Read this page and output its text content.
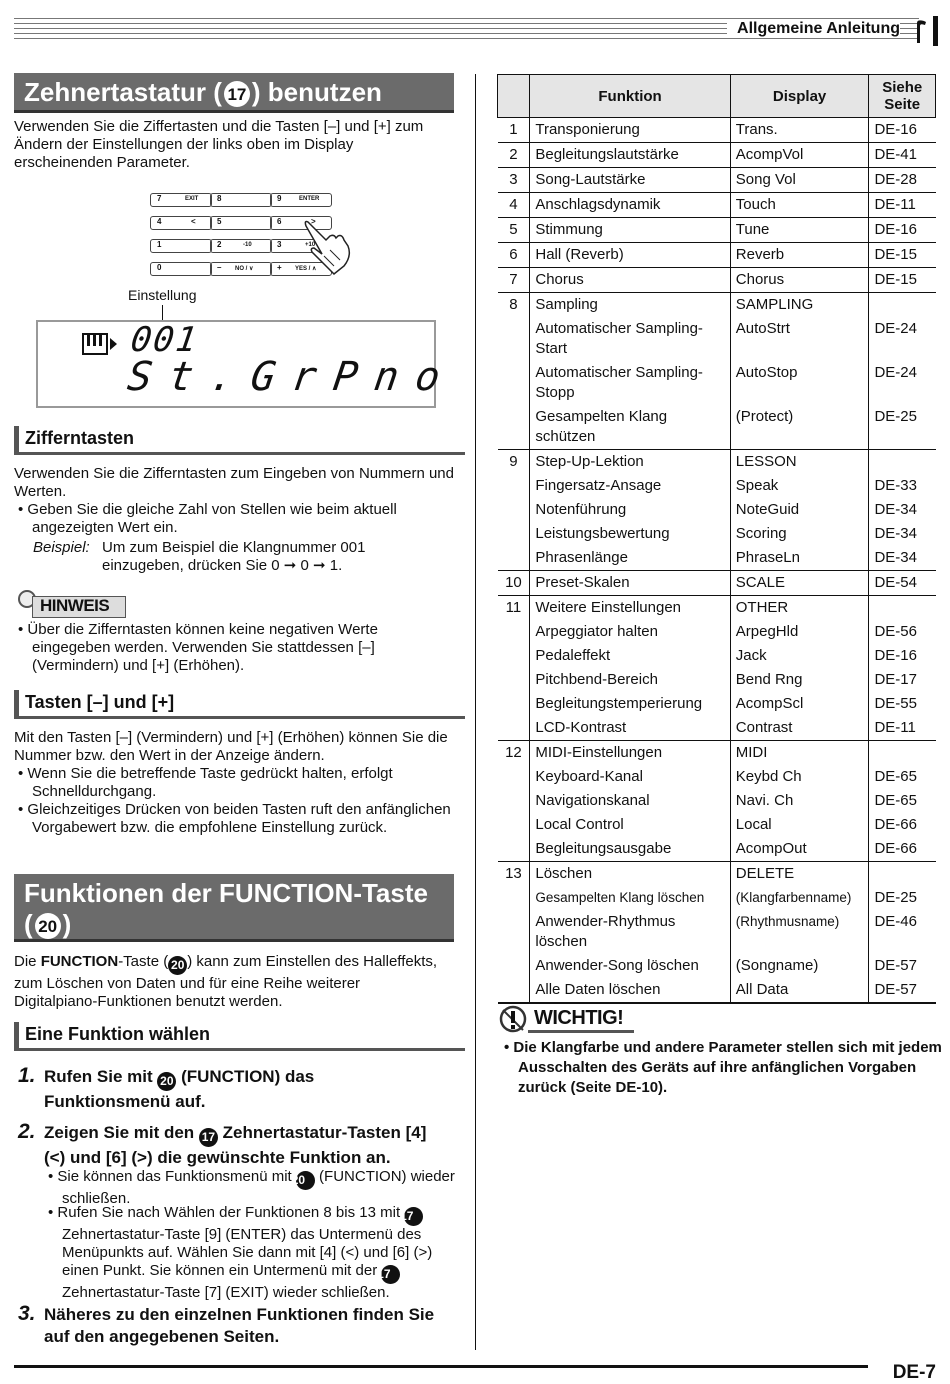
Allgemeine Anleitung
Zehnertastatur ( 17 ) benutzen
Verwenden Sie die Ziffertasten und die Tasten [–] und [+] zum Ändern der Einstellungen der links oben im Display erscheinenden Parameter.
7	EXIT 8	9	ENTER
4	<	5	6	>
1	2	-10	3	+10
0	– NO / ∨	+ YES / ∧
Einstellung
001
St.GrPno
Zifferntasten
Verwenden Sie die Zifferntasten zum Eingeben von Nummern und Werten.
• Geben Sie die gleiche Zahl von Stellen wie beim aktuell angezeigten Wert ein.
Beispiel: Um zum Beispiel die Klangnummer 001
einzugeben, drücken Sie 0 ➞ 0 ➞ 1.
HINWEIS
• Über die Zifferntasten können keine negativen Werte eingegeben werden. Verwenden Sie stattdessen [–] (Vermindern) und [+] (Erhöhen).
Tasten [–] und [+]
Mit den Tasten [–] (Vermindern) und [+] (Erhöhen) können Sie die Nummer bzw. den Wert in der Anzeige ändern.
• Wenn Sie die betreffende Taste gedrückt halten, erfolgt Schnelldurchgang.
• Gleichzeitiges Drücken von beiden Tasten ruft den anfänglichen Vorgabewert bzw. die empfohlene Einstellung zurück.
Funktionen der FUNCTION-Taste
( 20 )
Die FUNCTION-Taste ( 20 ) kann zum Einstellen des Halleffekts, zum Löschen von Daten und für eine Reihe weiterer Digitalpiano-Funktionen benutzt werden.
Eine Funktion wählen
1. Rufen Sie mit 20 (FUNCTION) das Funktionsmenü auf.
2. Zeigen Sie mit den 17 Zehnertastatur-Tasten [4] (<) und [6] (>) die gewünschte Funktion an.
• Sie können das Funktionsmenü mit 20 (FUNCTION) wieder schließen.
• Rufen Sie nach Wählen der Funktionen 8 bis 13 mit 17 Zehnertastatur-Taste [9] (ENTER) das Untermenü des Menüpunkts auf. Wählen Sie dann mit [4] (<) und [6] (>) einen Punkt. Sie können ein Untermenü mit der 17 Zehnertastatur-Taste [7] (EXIT) wieder schließen.
3. Näheres zu den einzelnen Funktionen finden Sie auf den angegebenen Seiten.
	Funktion	Display	Siehe Seite
1	Transponierung	Trans.	DE-16
2	Begleitungslautstärke	AcompVol	DE-41
3	Song-Lautstärke	Song Vol	DE-28
4	Anschlagsdynamik	Touch	DE-11
5	Stimmung	Tune	DE-16
6	Hall (Reverb)	Reverb	DE-15
7	Chorus	Chorus	DE-15
8	Sampling	SAMPLING	
	Automatischer Sampling-Start	AutoStrt	DE-24
	Automatischer Sampling-Stopp	AutoStop	DE-24
	Gesampelten Klang schützen	(Protect)	DE-25
9	Step-Up-Lektion	LESSON	
	Fingersatz-Ansage	Speak	DE-33
	Notenführung	NoteGuid	DE-34
	Leistungsbewertung	Scoring	DE-34
	Phrasenlänge	PhraseLn	DE-34
10	Preset-Skalen	SCALE	DE-54
11	Weitere Einstellungen	OTHER	
	Arpeggiator halten	ArpegHld	DE-56
	Pedaleffekt	Jack	DE-16
	Pitchbend-Bereich	Bend Rng	DE-17
	Begleitungstemperierung	AcompScl	DE-55
	LCD-Kontrast	Contrast	DE-11
12	MIDI-Einstellungen	MIDI	
	Keyboard-Kanal	Keybd Ch	DE-65
	Navigationskanal	Navi. Ch	DE-65
	Local Control	Local	DE-66
	Begleitungsausgabe	AcompOut	DE-66
13	Löschen	DELETE	
	Gesampelten Klang löschen	(Klangfarbenname)	DE-25
	Anwender-Rhythmus löschen	(Rhythmusname)	DE-46
	Anwender-Song löschen	(Songname)	DE-57
	Alle Daten löschen	All Data	DE-57
WICHTIG!
• Die Klangfarbe und andere Parameter stellen sich mit jedem Ausschalten des Geräts auf ihre anfänglichen Vorgaben zurück (Seite DE-10).
DE-7
